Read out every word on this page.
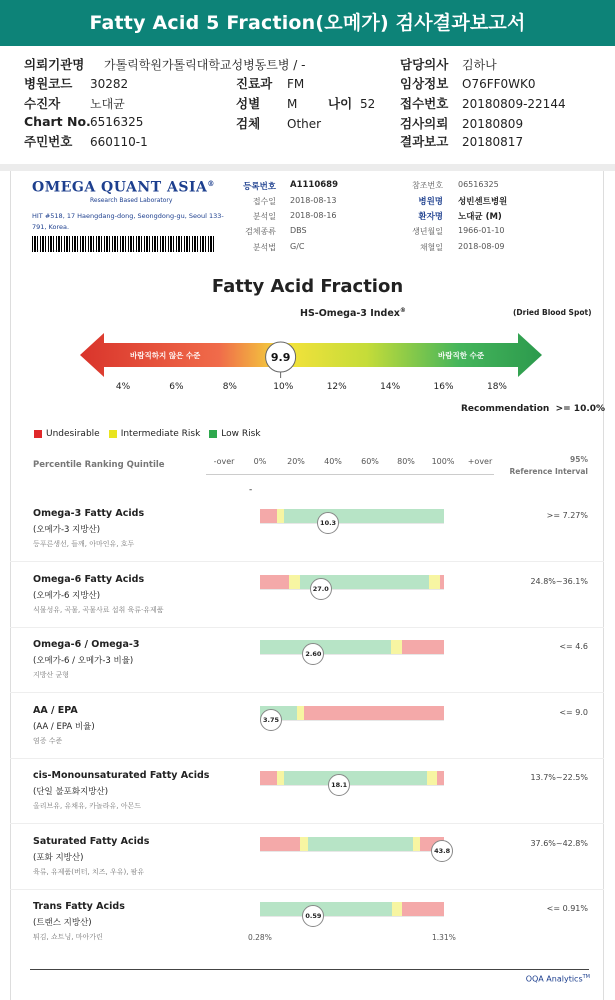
Fatty Acid 5 Fraction(오메가) 검사결과보고서
의뢰기관명 가톨릭학원가톨릭대학교성병동트병 / -
병원코드 30282
수진자 노대균
Chart No.6516325
주민번호 660110-1
진료과 FM
성별 M 나이 52
검체 Other
담당의사 김하나
임상정보 O76FF0WK0
접수번호 20180809-22144
검사의뢰 20180809
결과보고 20180817
OMEGA QUANT ASIA®
Research Based Laboratory
HIT #518, 17 Haengdang-dong, Seongdong-gu, Seoul 133-791, Korea.
등록번호 A1110689
접수일 2018-08-13
분석일 2018-08-16
검체종류 DBS
분석법 G/C
참조번호 06516325
병원명 성빈센트병원
환자명 노대균 (M)
생년월일 1966-01-10
채혈일 2018-08-09
Fatty Acid Fraction
HS-Omega-3 Index®	(Dried Blood Spot)
9.9
바람직하지 않은 수준	바람직한 수준
4%	6%	8%	10%	12%	14%	16%	18%
Recommendation >= 10.0%
Undesirable Intermediate Risk Low Risk
Percentile Ranking Quintile	-over	0%	20%	40%	60%	80%	100%	+over	95%
Reference Interval
-
Omega-3 Fatty Acids
(오메가-3 지방산)
등푸른생선, 들깨, 아마인유, 호두
>= 7.27%
10.3
Omega-6 Fatty Acids
(오메가-6 지방산)
식물성유, 곡물, 곡물사료 섭취 육류·유제품
24.8%~36.1%
27.0
Omega-6 / Omega-3
(오메가-6 / 오메가-3 비율)
지방산 균형
<= 4.6
2.60
AA / EPA
(AA / EPA 비율)
염증 수준
<= 9.0
3.75
cis-Monounsaturated Fatty Acids
(단일 불포화지방산)
올리브유, 유채유, 카놀라유, 아몬드
13.7%~22.5%
18.1
Saturated Fatty Acids
(포화 지방산)
육류, 유제품(버터, 치즈, 우유), 팜유
37.6%~42.8%
43.8
Trans Fatty Acids
(트랜스 지방산)
튀김, 쇼트닝, 마아가린
<= 0.91%
0.59
0.28%	1.31%
OQA Analytics™
